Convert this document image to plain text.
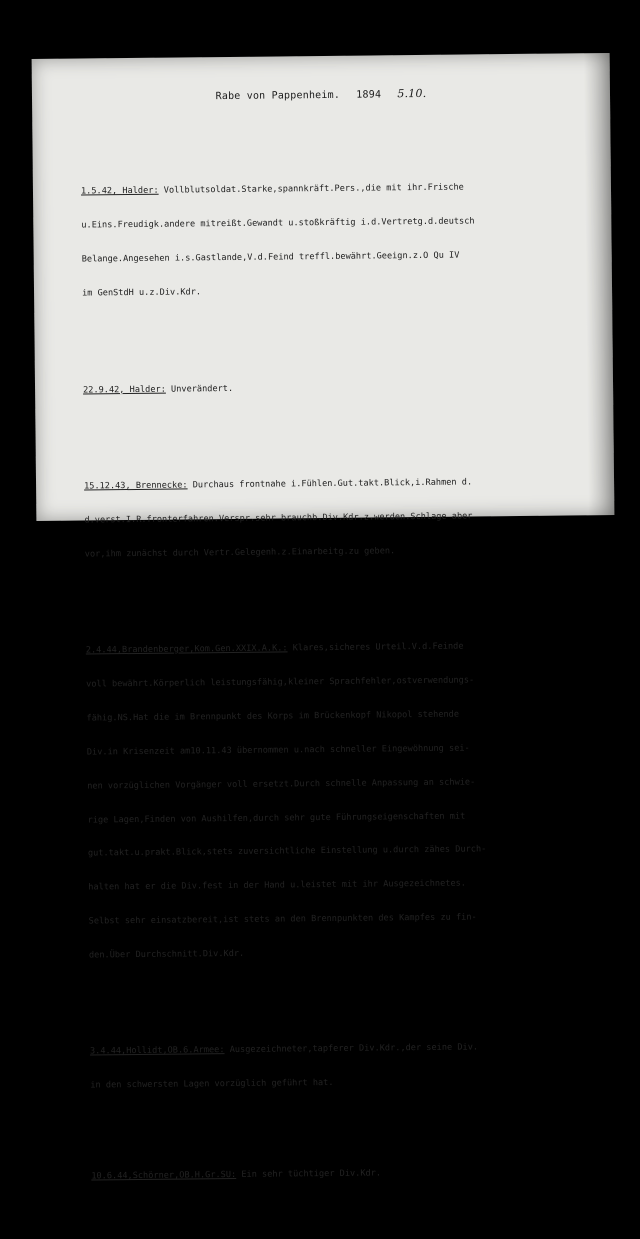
Rabe von Pappenheim. 1894 5.10.

1.5.42, Halder: Vollblutsoldat.Starke,spannkräft.Pers.,die mit ihr.Frische

u.Eins.Freudigk.andere mitreißt.Gewandt u.stoßkräftig i.d.Vertretg.d.deutsch

Belange.Angesehen i.s.Gastlande,V.d.Feind treffl.bewährt.Geeign.z.O Qu IV

im GenStdH u.z.Div.Kdr.

22.9.42, Halder: Unverändert.

15.12.43, Brennecke: Durchaus frontnahe i.Fühlen.Gut.takt.Blick,i.Rahmen d.

d.verst.I.R.fronterfahren.Verspr.sehr brauchb.Div.Kdr.z.werden.Schlage aber

vor,ihm zunächst durch Vertr.Gelegenh.z.Einarbeitg.zu geben.

2.4.44,Brandenberger,Kom.Gen.XXIX.A.K.: Klares,sicheres Urteil.V.d.Feinde

voll bewährt.Körperlich leistungsfähig,kleiner Sprachfehler,ostverwendungs-

fähig.NS.Hat die im Brennpunkt des Korps im Brückenkopf Nikopol stehende

Div.in Krisenzeit am10.11.43 übernommen u.nach schneller Eingewöhnung sei-

nen vorzüglichen Vorgänger voll ersetzt.Durch schnelle Anpassung an schwie-

rige Lagen,Finden von Aushilfen,durch sehr gute Führungseigenschaften mit

gut.takt.u.prakt.Blick,stets zuversichtliche Einstellung u.durch zähes Durch-

halten hat er die Div.fest in der Hand u.leistet mit ihr Ausgezeichnetes.

Selbst sehr einsatzbereit,ist stets an den Brennpunkten des Kampfes zu fin-

den.Über Durchschnitt.Div.Kdr.

3.4.44,Hollidt,OB.6.Armee: Ausgezeichneter,tapferer Div.Kdr.,der seine Div.

in den schwersten Lagen vorzüglich geführt hat.

10.6.44,Schörner,OB.H.Gr.SU: Ein sehr tüchtiger Div.Kdr.
